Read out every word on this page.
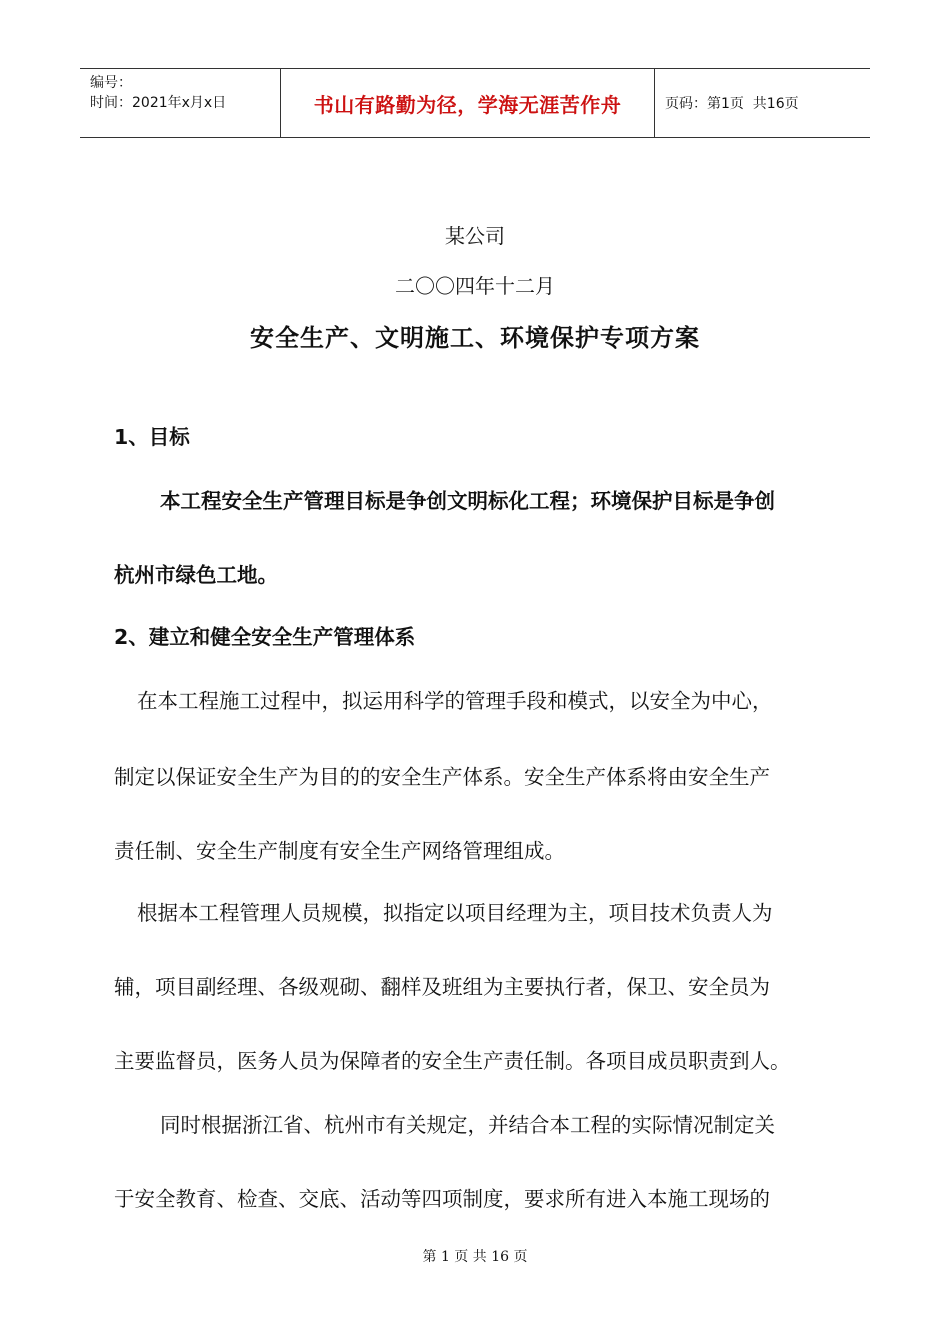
编号：
时间：2021年x月x日	书山有路勤为径，学海无涯苦作舟	页码：第1页  共16页
某公司
二〇〇四年十二月
安全生产、文明施工、环境保护专项方案
1、目标
本工程安全生产管理目标是争创文明标化工程；环境保护目标是争创
杭州市绿色工地。
2、建立和健全安全生产管理体系
在本工程施工过程中，拟运用科学的管理手段和模式，以安全为中心，
制定以保证安全生产为目的的安全生产体系。安全生产体系将由安全生产
责任制、安全生产制度有安全生产网络管理组成。
根据本工程管理人员规模，拟指定以项目经理为主，项目技术负责人为
辅，项目副经理、各级观砌、翻样及班组为主要执行者，保卫、安全员为
主要监督员，医务人员为保障者的安全生产责任制。各项目成员职责到人。
同时根据浙江省、杭州市有关规定，并结合本工程的实际情况制定关
于安全教育、检查、交底、活动等四项制度，要求所有进入本施工现场的
第 1 页 共 16 页
